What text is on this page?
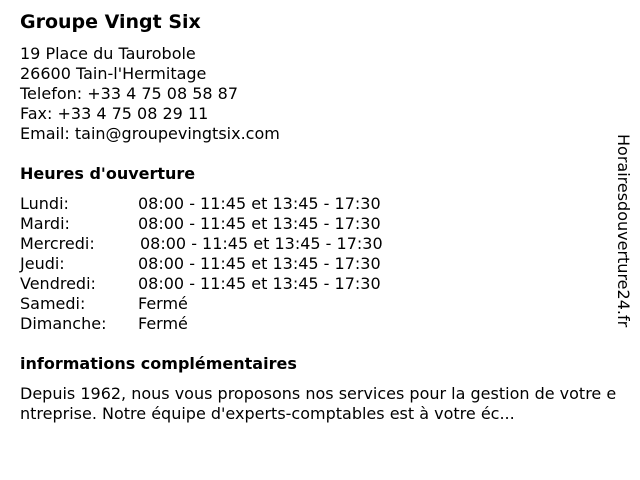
Groupe Vingt Six
19 Place du Taurobole
26600 Tain-l'Hermitage
Telefon: +33 4 75 08 58 87
Fax: +33 4 75 08 29 11
Email: tain@groupevingtsix.com
Heures d'ouverture
Lundi:	08:00 - 11:45 et 13:45 - 17:30
Mardi:	08:00 - 11:45 et 13:45 - 17:30
Mercredi:	08:00 - 11:45 et 13:45 - 17:30
Jeudi:	08:00 - 11:45 et 13:45 - 17:30
Vendredi:	08:00 - 11:45 et 13:45 - 17:30
Samedi:	Fermé
Dimanche: Fermé
informations complémentaires
Depuis 1962, nous vous proposons nos services pour la gestion de votre entreprise. Notre équipe d'experts-comptables est à votre éc...
Horairesdouverture24.fr
